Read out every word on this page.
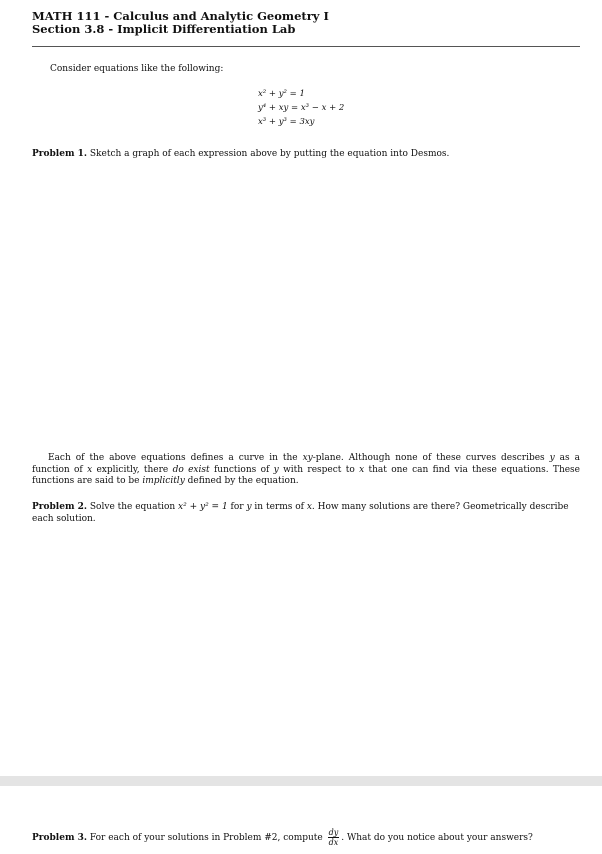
MATH 111 - Calculus and Analytic Geometry I
Section 3.8 - Implicit Differentiation Lab
Consider equations like the following:
x² + y² = 1
y⁴ + xy = x³ − x + 2
x³ + y³ = 3xy
Problem 1. Sketch a graph of each expression above by putting the equation into Desmos.
Each of the above equations defines a curve in the xy-plane. Although none of these curves describes y as a function of x explicitly, there do exist functions of y with respect to x that one can find via these equations. These functions are said to be implicitly defined by the equation.
Problem 2. Solve the equation x² + y² = 1 for y in terms of x. How many solutions are there? Geometrically describe each solution.
Problem 3. For each of your solutions in Problem #2, compute $\frac{dy}{dx}$ . What do you notice about your answers?
